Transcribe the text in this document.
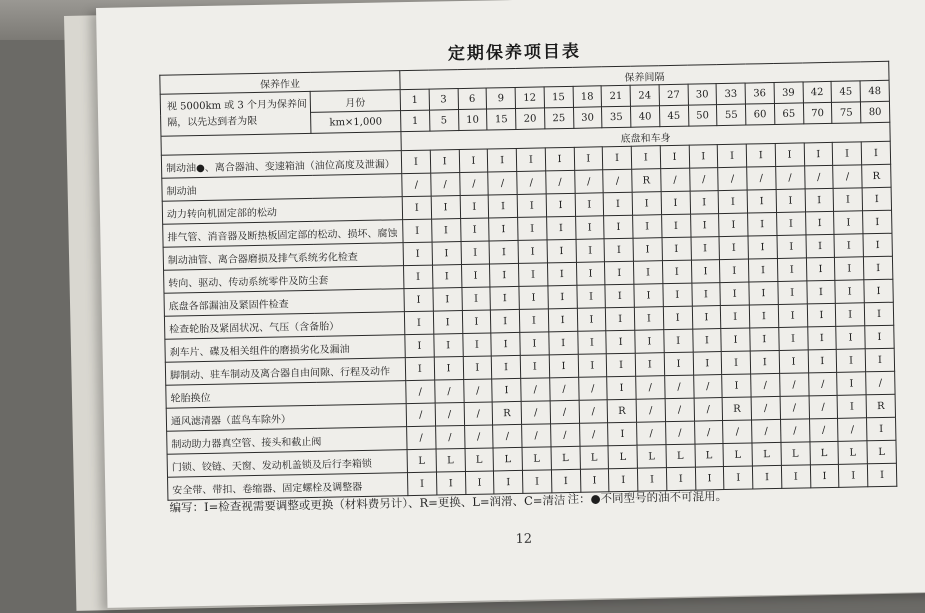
定期保养项目表
保养作业		保养间隔																
视 5000km 或 3 个月为保养间隔，以先达到者为限	月份	1	3	6	9	12	15	18	21	24	27	30	33	36	39	42	45	48
	km×1,000	1	5	10	15	20	25	30	35	40	45	50	55	60	65	70	75	80
		底盘和车身																
制动油●、离合器油、变速箱油（油位高度及泄漏）		I	I	I	I	I	I	I	I	I	I	I	I	I	I	I	I	I
制动油		/	/	/	/	/	/	/	/	R	/	/	/	/	/	/	/	R
动力转向机固定部的松动		I	I	I	I	I	I	I	I	I	I	I	I	I	I	I	I	I
排气管、消音器及断热板固定部的松动、损坏、腐蚀		I	I	I	I	I	I	I	I	I	I	I	I	I	I	I	I	I
制动油管、离合器磨损及排气系统劣化检查		I	I	I	I	I	I	I	I	I	I	I	I	I	I	I	I	I
转向、驱动、传动系统零件及防尘套		I	I	I	I	I	I	I	I	I	I	I	I	I	I	I	I	I
底盘各部漏油及紧固件检查		I	I	I	I	I	I	I	I	I	I	I	I	I	I	I	I	I
检查轮胎及紧固状况、气压（含备胎）		I	I	I	I	I	I	I	I	I	I	I	I	I	I	I	I	I
刹车片、碟及相关组件的磨损劣化及漏油		I	I	I	I	I	I	I	I	I	I	I	I	I	I	I	I	I
脚制动、驻车制动及离合器自由间隙、行程及动作		I	I	I	I	I	I	I	I	I	I	I	I	I	I	I	I	I
轮胎换位		/	/	/	I	/	/	/	I	/	/	/	I	/	/	/	I	/
通风滤清器（蓝鸟车除外）		/	/	/	R	/	/	/	R	/	/	/	R	/	/	/	I	R
制动助力器真空管、接头和截止阀		/	/	/	/	/	/	/	I	/	/	/	/	/	/	/	/	I
门锁、铰链、天窗、发动机盖锁及后行李箱锁		L	L	L	L	L	L	L	L	L	L	L	L	L	L	L	L	L
安全带、带扣、卷缩器、固定螺栓及调整器		I	I	I	I	I	I	I	I	I	I	I	I	I	I	I	I	I
编写：I=检查视需要调整或更换（材料费另计）、R=更换、L=润滑、C=清洁 注：●不同型号的油不可混用。
12
